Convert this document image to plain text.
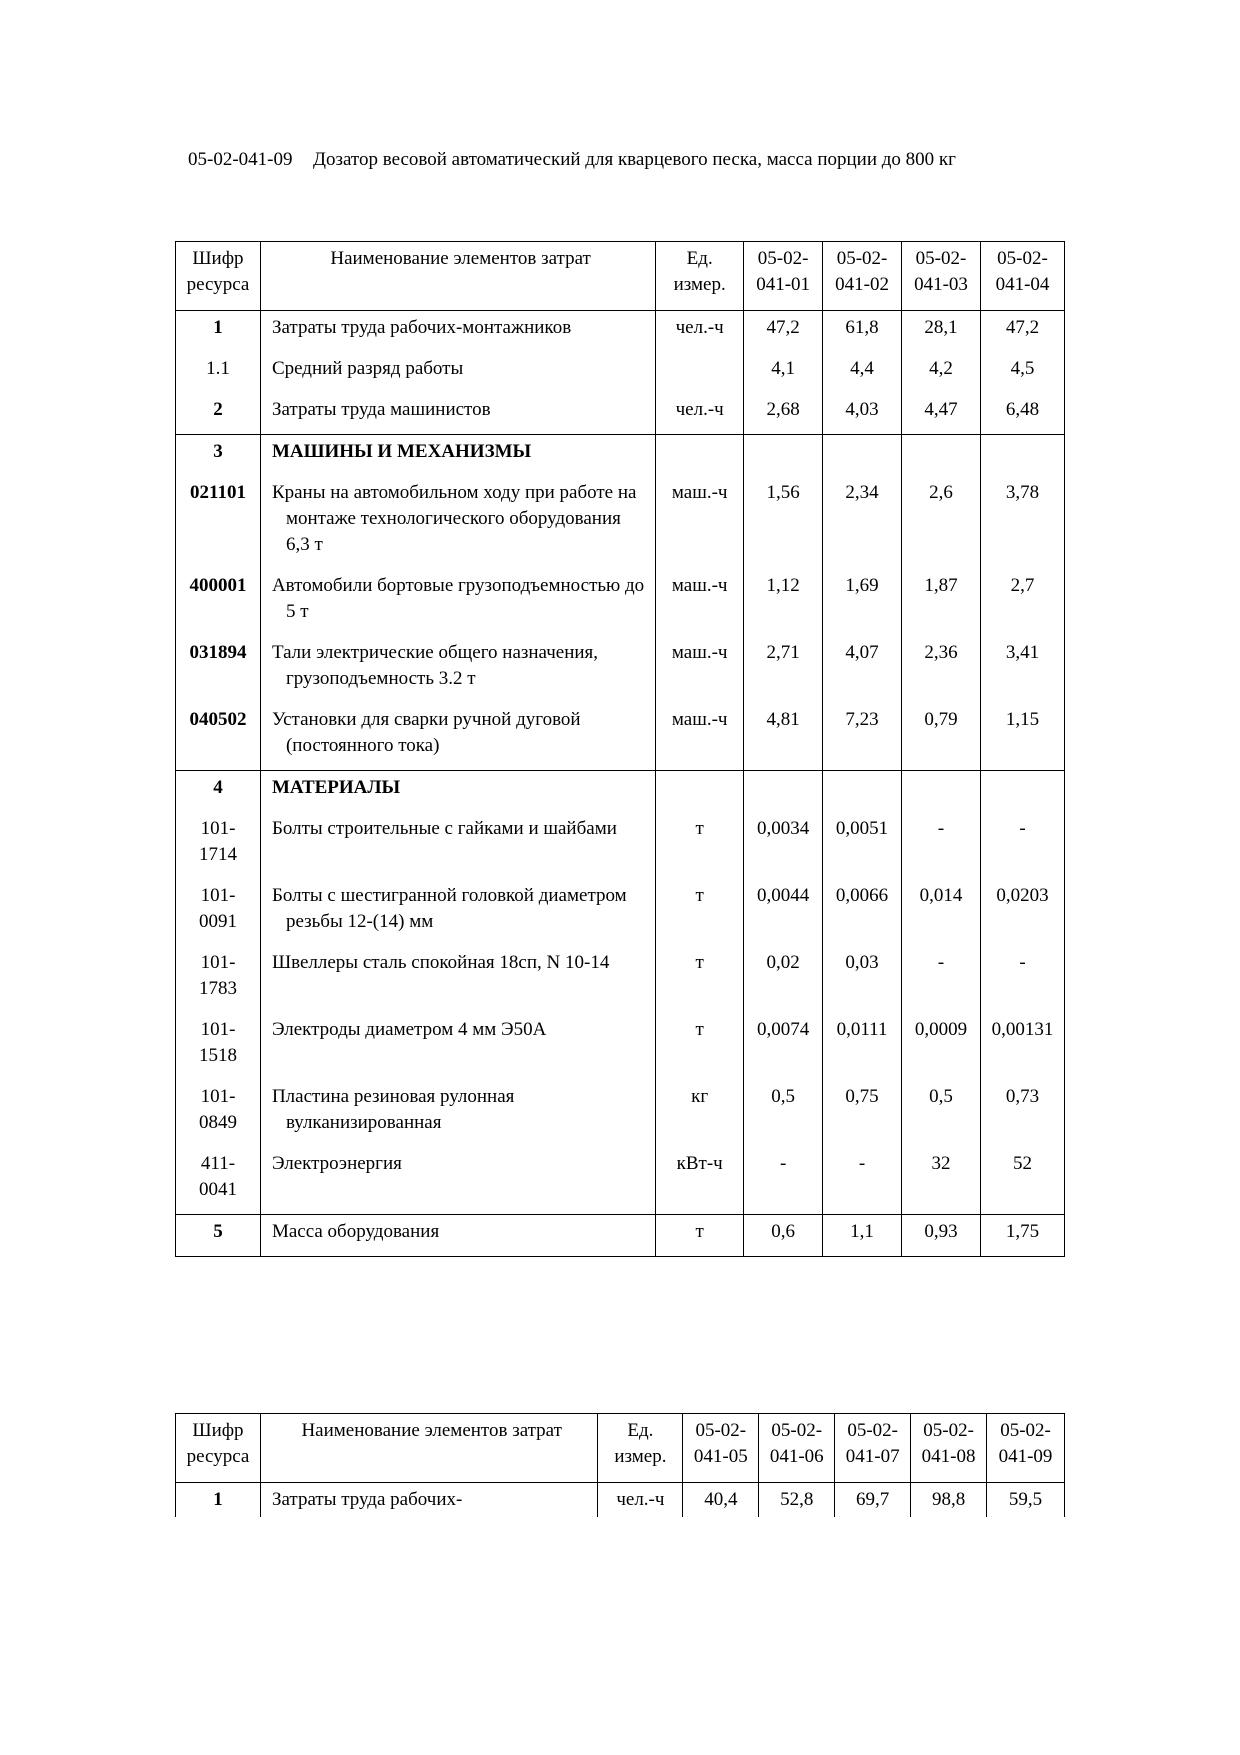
05-02-041-09 Дозатор весовой автоматический для кварцевого песка, масса порции до 800 кг
Шифр ресурса	Наименование элементов затрат	Ед. измер.	05-02-041-01	05-02-041-02	05-02-041-03	05-02-041-04
1	Затраты труда рабочих-монтажников	чел.-ч	47,2	61,8	28,1	47,2
1.1	Средний разряд работы		4,1	4,4	4,2	4,5
2	Затраты труда машинистов	чел.-ч	2,68	4,03	4,47	6,48
3	МАШИНЫ И МЕХАНИЗМЫ					

021101	Краны на автомобильном ходу при работе на монтаже технологического оборудования 6,3 т	маш.-ч	1,56	2,34	2,6	3,78
400001	Автомобили бортовые грузоподъемностью до 5 т	маш.-ч	1,12	1,69	1,87	2,7
031894	Тали электрические общего назначения, грузоподъемность 3.2 т	маш.-ч	2,71	4,07	2,36	3,41
040502	Установки для сварки ручной дуговой (постоянного тока)	маш.-ч	4,81	7,23	0,79	1,15
4	МАТЕРИАЛЫ					

101-1714	Болты строительные с гайками и шайбами	т	0,0034	0,0051	-	-
101-0091	Болты с шестигранной головкой диаметром резьбы 12-(14) мм	т	0,0044	0,0066	0,014	0,0203
101-1783	Швеллеры сталь спокойная 18сп, N 10-14	т	0,02	0,03	-	-
101-1518	Электроды диаметром 4 мм Э50А	т	0,0074	0,0111	0,0009	0,00131
101-0849	Пластина резиновая рулонная вулканизированная	кг	0,5	0,75	0,5	0,73
411-0041	Электроэнергия	кВт-ч	-	-	32	52
5	Масса оборудования	т	0,6	1,1	0,93	1,75
Шифр ресурса	Наименование элементов затрат	Ед. измер.	05-02-041-05	05-02-041-06	05-02-041-07	05-02-041-08	05-02-041-09
1	Затраты труда рабочих-	чел.-ч	40,4	52,8	69,7	98,8	59,5
